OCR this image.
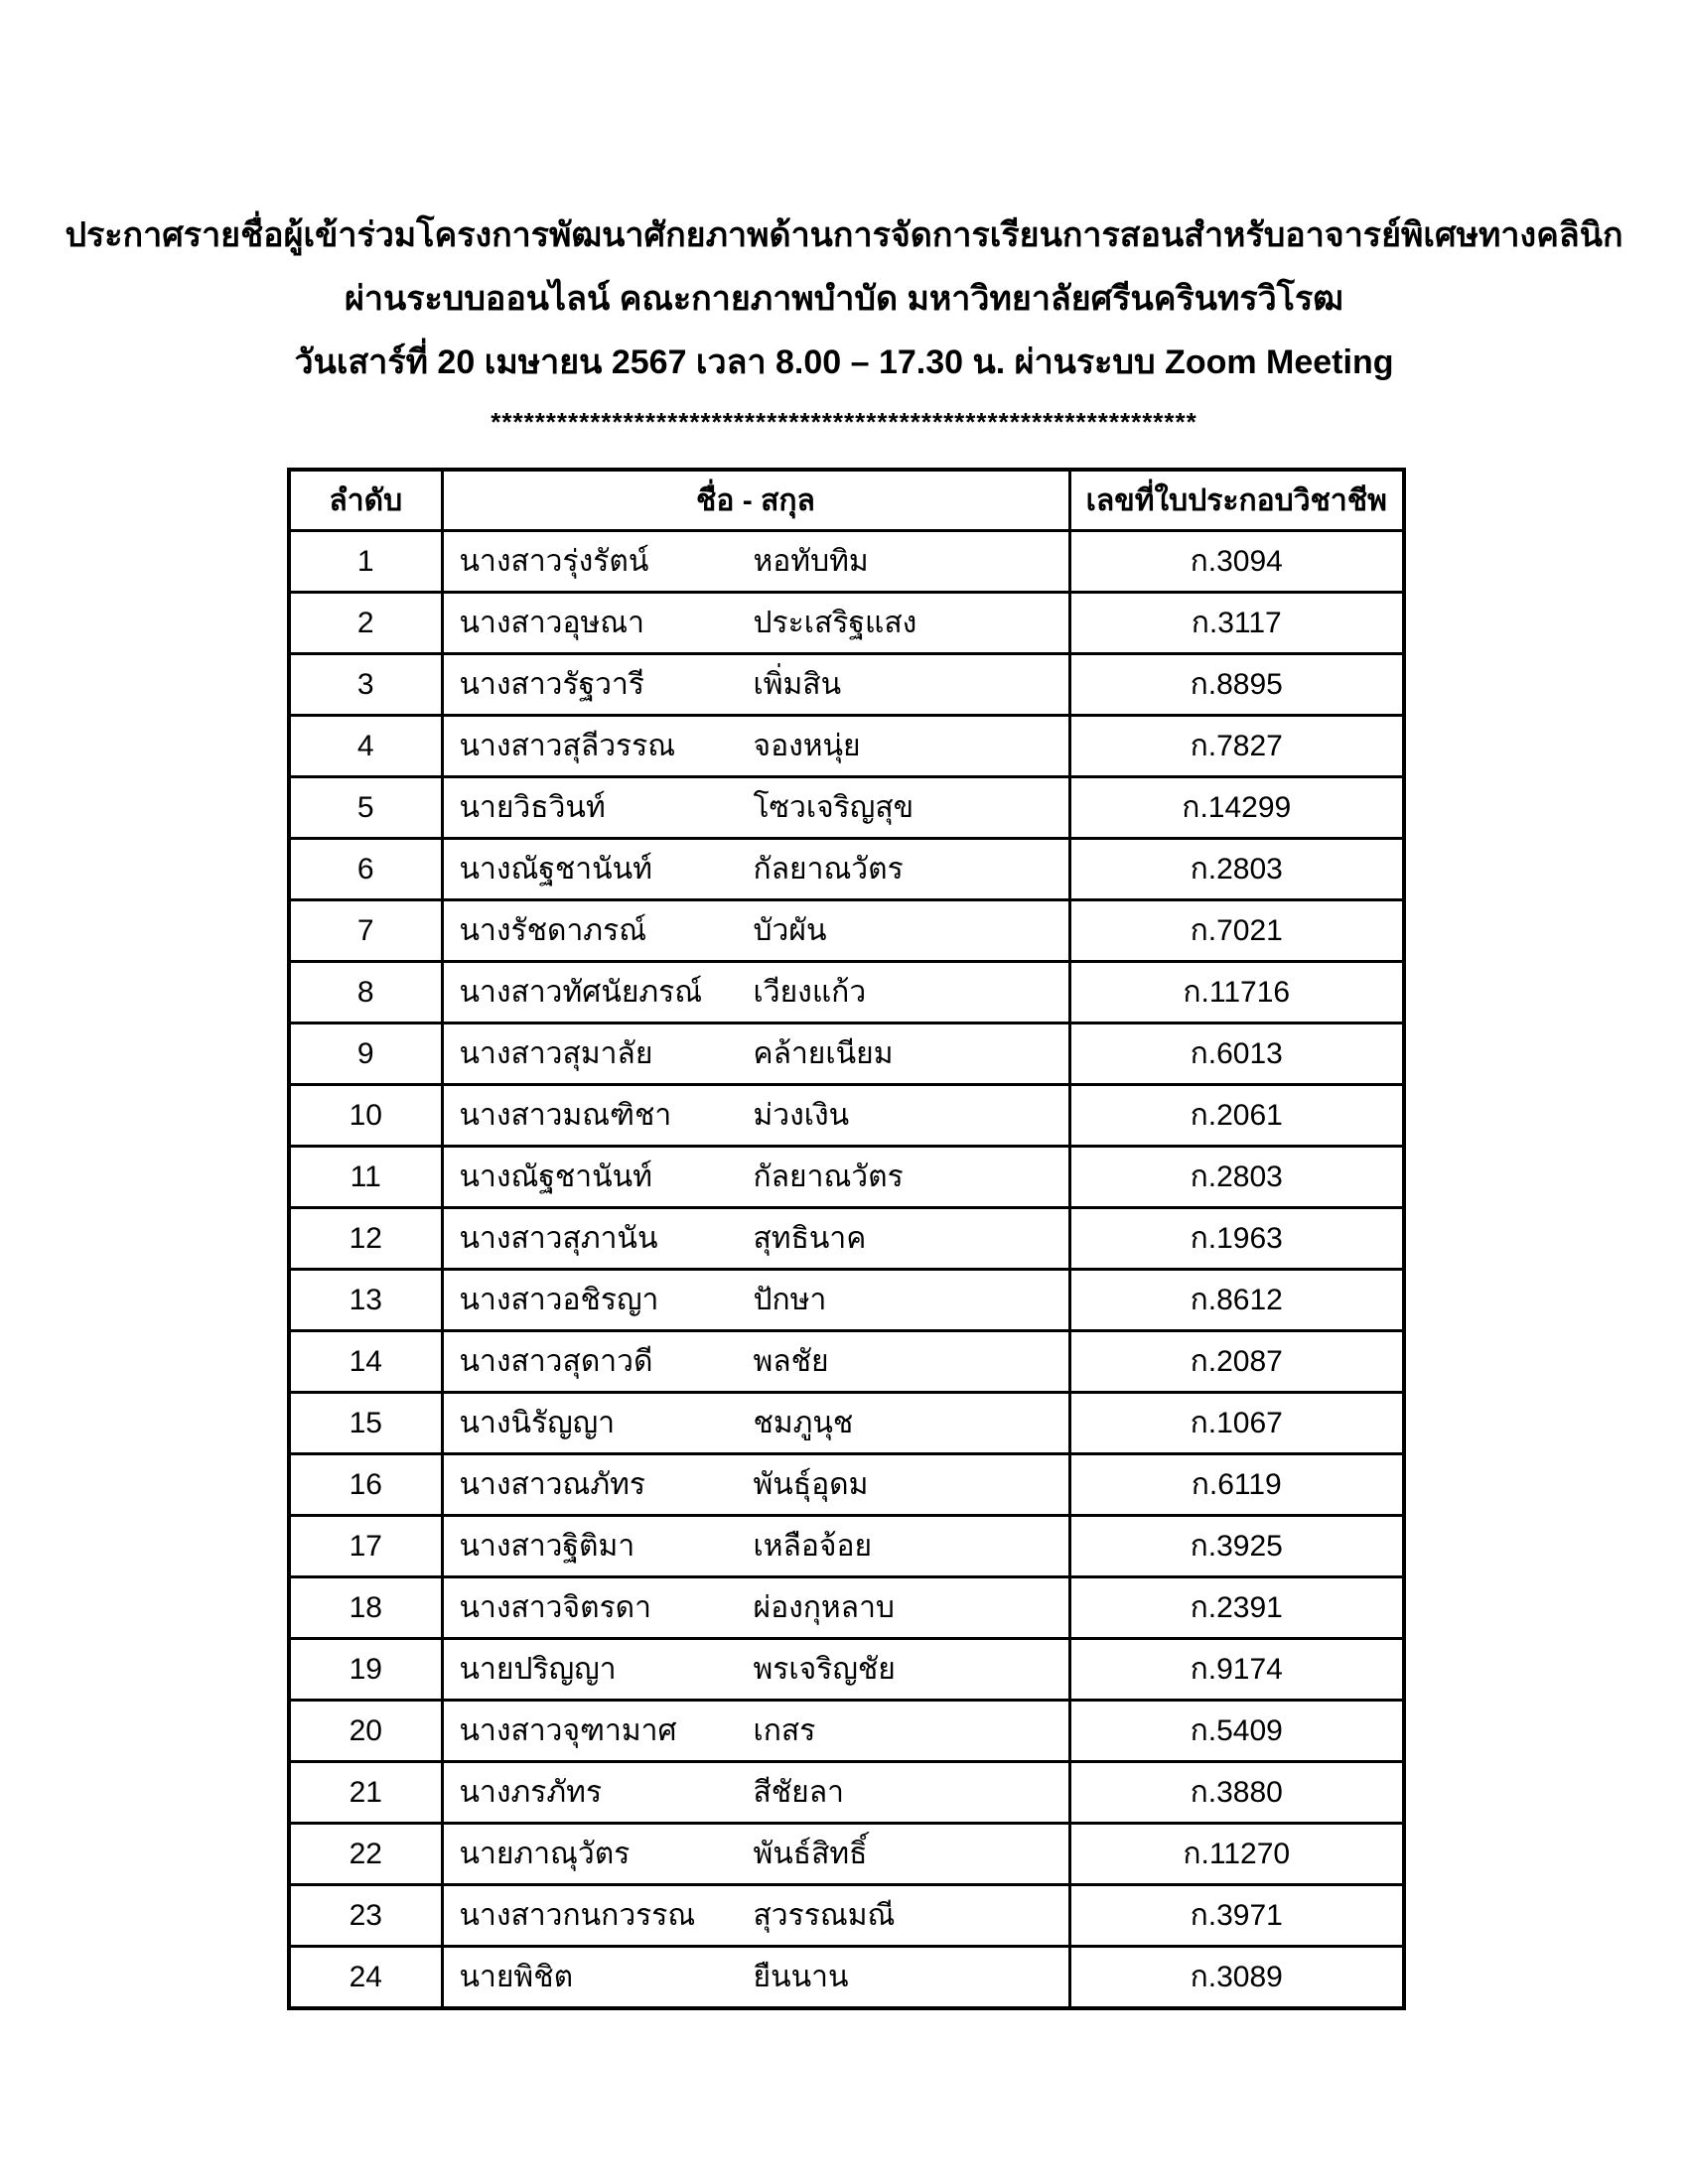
ประกาศรายชื่อผู้เข้าร่วมโครงการพัฒนาศักยภาพด้านการจัดการเรียนการสอนสำหรับอาจารย์พิเศษทางคลินิก
ผ่านระบบออนไลน์ คณะกายภาพบำบัด มหาวิทยาลัยศรีนครินทรวิโรฒ
วันเสาร์ที่ 20 เมษายน 2567 เวลา 8.00 – 17.30 น. ผ่านระบบ Zoom Meeting
****************************************************************
ลำดับ	ชื่อ - สกุล	เลขที่ใบประกอบวิชาชีพ
1	นางสาวรุ่งรัตน์ หอทับทิม	ก.3094
2	นางสาวอุษณา ประเสริฐแสง	ก.3117
3	นางสาวรัฐวารี เพิ่มสิน	ก.8895
4	นางสาวสุลีวรรณ จองหนุ่ย	ก.7827
5	นายวิธวินท์ โซวเจริญสุข	ก.14299
6	นางณัฐชานันท์ กัลยาณวัตร	ก.2803
7	นางรัชดาภรณ์ บัวผัน	ก.7021
8	นางสาวทัศนัยภรณ์ เวียงแก้ว	ก.11716
9	นางสาวสุมาลัย คล้ายเนียม	ก.6013
10	นางสาวมณฑิชา ม่วงเงิน	ก.2061
11	นางณัฐชานันท์ กัลยาณวัตร	ก.2803
12	นางสาวสุภานัน สุทธินาค	ก.1963
13	นางสาวอชิรญา ปักษา	ก.8612
14	นางสาวสุดาวดี พลชัย	ก.2087
15	นางนิรัญญา ชมภูนุช	ก.1067
16	นางสาวณภัทร พันธุ์อุดม	ก.6119
17	นางสาวฐิติมา เหลือจ้อย	ก.3925
18	นางสาวจิตรดา ผ่องกุหลาบ	ก.2391
19	นายปริญญา พรเจริญชัย	ก.9174
20	นางสาวจุฑามาศ เกสร	ก.5409
21	นางภรภัทร สีชัยลา	ก.3880
22	นายภาณุวัตร พันธ์สิทธิ์	ก.11270
23	นางสาวกนกวรรณ สุวรรณมณี	ก.3971
24	นายพิชิต ยืนนาน	ก.3089
